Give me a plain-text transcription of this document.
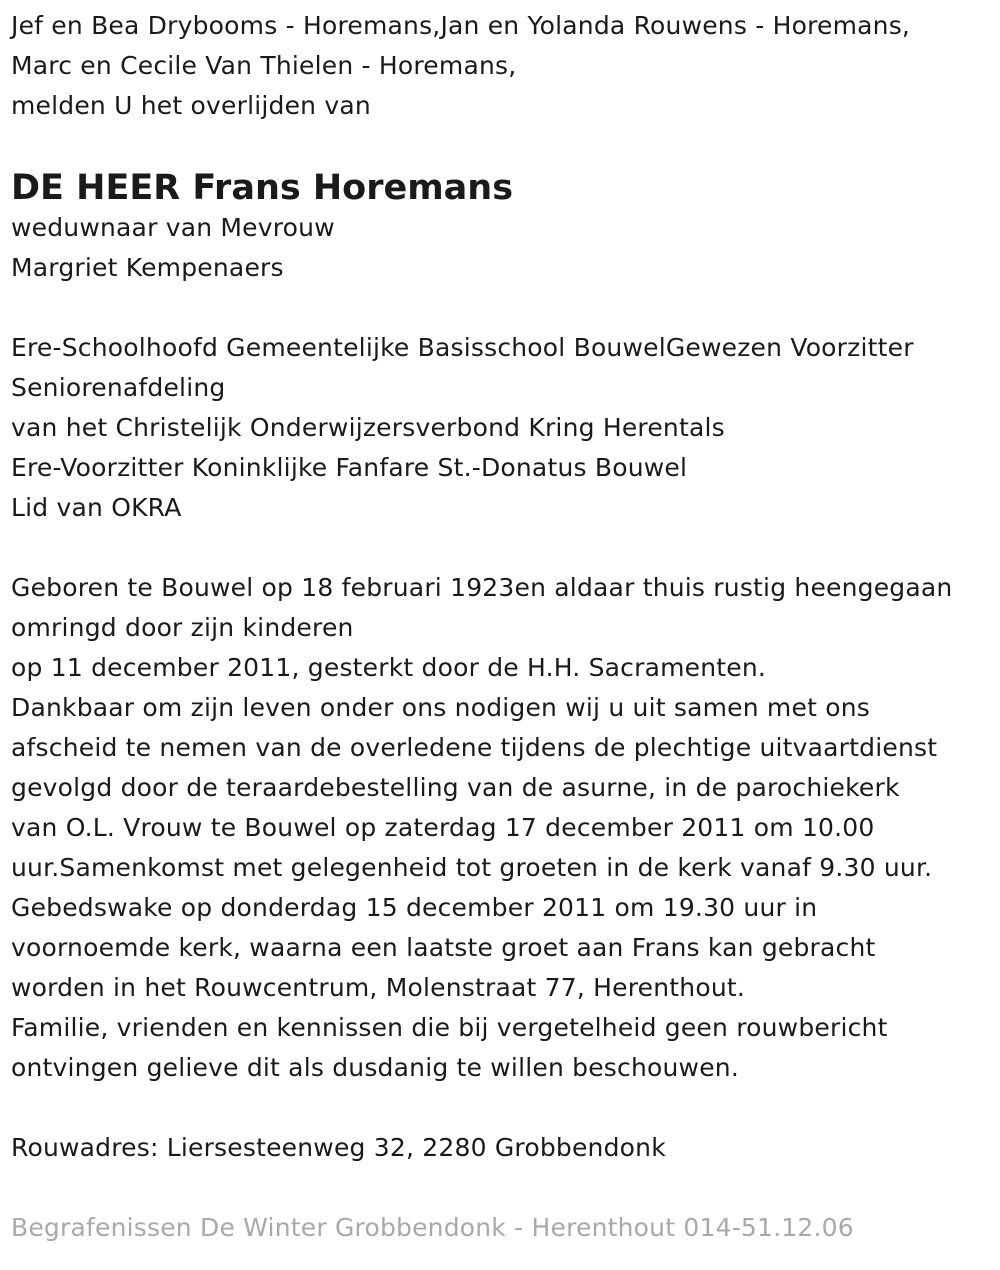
Jef en Bea Drybooms - Horemans,Jan en Yolanda Rouwens - Horemans,
Marc en Cecile Van Thielen - Horemans,
melden U het overlijden van
DE HEER Frans Horemans
weduwnaar van Mevrouw
Margriet Kempenaers
Ere-Schoolhoofd Gemeentelijke Basisschool BouwelGewezen Voorzitter
Seniorenafdeling
van het Christelijk Onderwijzersverbond Kring Herentals
Ere-Voorzitter Koninklijke Fanfare St.-Donatus Bouwel
Lid van OKRA
Geboren te Bouwel op 18 februari 1923en aldaar thuis rustig heengegaan
omringd door zijn kinderen
op 11 december 2011, gesterkt door de H.H. Sacramenten.
Dankbaar om zijn leven onder ons nodigen wij u uit samen met ons
afscheid te nemen van de overledene tijdens de plechtige uitvaartdienst
gevolgd door de teraardebestelling van de asurne, in de parochiekerk
van O.L. Vrouw te Bouwel op zaterdag 17 december 2011 om 10.00
uur.Samenkomst met gelegenheid tot groeten in de kerk vanaf 9.30 uur.
Gebedswake op donderdag 15 december 2011 om 19.30 uur in
voornoemde kerk, waarna een laatste groet aan Frans kan gebracht
worden in het Rouwcentrum, Molenstraat 77, Herenthout.
Familie, vrienden en kennissen die bij vergetelheid geen rouwbericht
ontvingen gelieve dit als dusdanig te willen beschouwen.
Rouwadres: Liersesteenweg 32, 2280 Grobbendonk
Begrafenissen De Winter Grobbendonk - Herenthout 014-51.12.06
